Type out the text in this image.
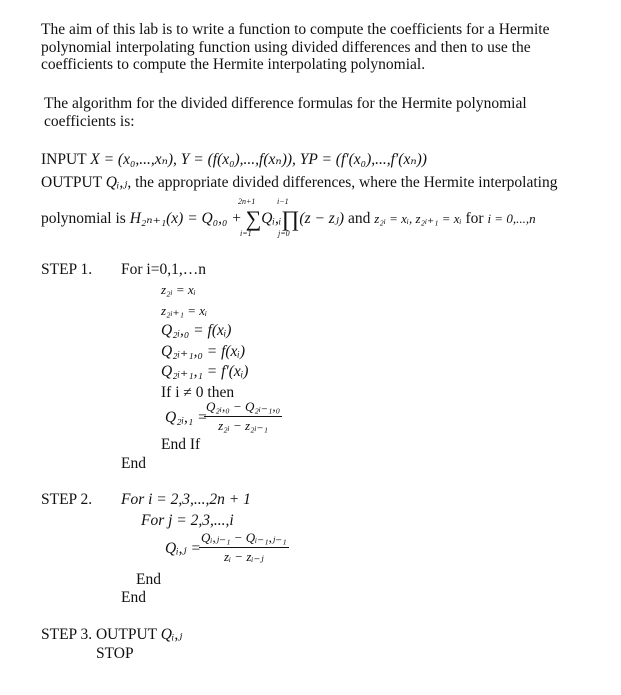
The aim of this lab is to write a function to compute the coefficients for a Hermite polynomial interpolating function using divided differences and then to use the coefficients to compute the Hermite interpolating polynomial.
The algorithm for the divided difference formulas for the Hermite polynomial coefficients is:
INPUT X = (x₀,...,xₙ), Y = (f(x₀),...,f(xₙ)), YP = (f′(x₀),...,f′(xₙ))
OUTPUT Qᵢ,ⱼ, the appropriate divided differences, where the Hermite interpolating
2n+1
i=1
i−1
j=0
polynomial is H₂ₙ₊₁(x) = Q₀,₀ + ∑Qᵢ,ᵢ∏(z − zⱼ) and z₂ᵢ = xᵢ, z₂ᵢ₊₁ = xᵢ for i = 0,...,n
STEP 1. For i=0,1,…n
z₂ᵢ = xᵢ
z₂ᵢ₊₁ = xᵢ
Q₂ᵢ,₀ = f(xᵢ)
Q₂ᵢ₊₁,₀ = f(xᵢ)
Q₂ᵢ₊₁,₁ = f′(xᵢ)
If i ≠ 0 then
Q₂ᵢ,₁ =
Q₂ᵢ,₀ − Q₂ᵢ₋₁,₀
z₂ᵢ − z₂ᵢ₋₁
End If
End
STEP 2. For i = 2,3,...,2n + 1
For j = 2,3,...,i
Qᵢ,ⱼ =
Qᵢ,ⱼ₋₁ − Qᵢ₋₁,ⱼ₋₁
zᵢ − zᵢ₋ⱼ
End
End
STEP 3. OUTPUT Qᵢ,ⱼ
STOP
